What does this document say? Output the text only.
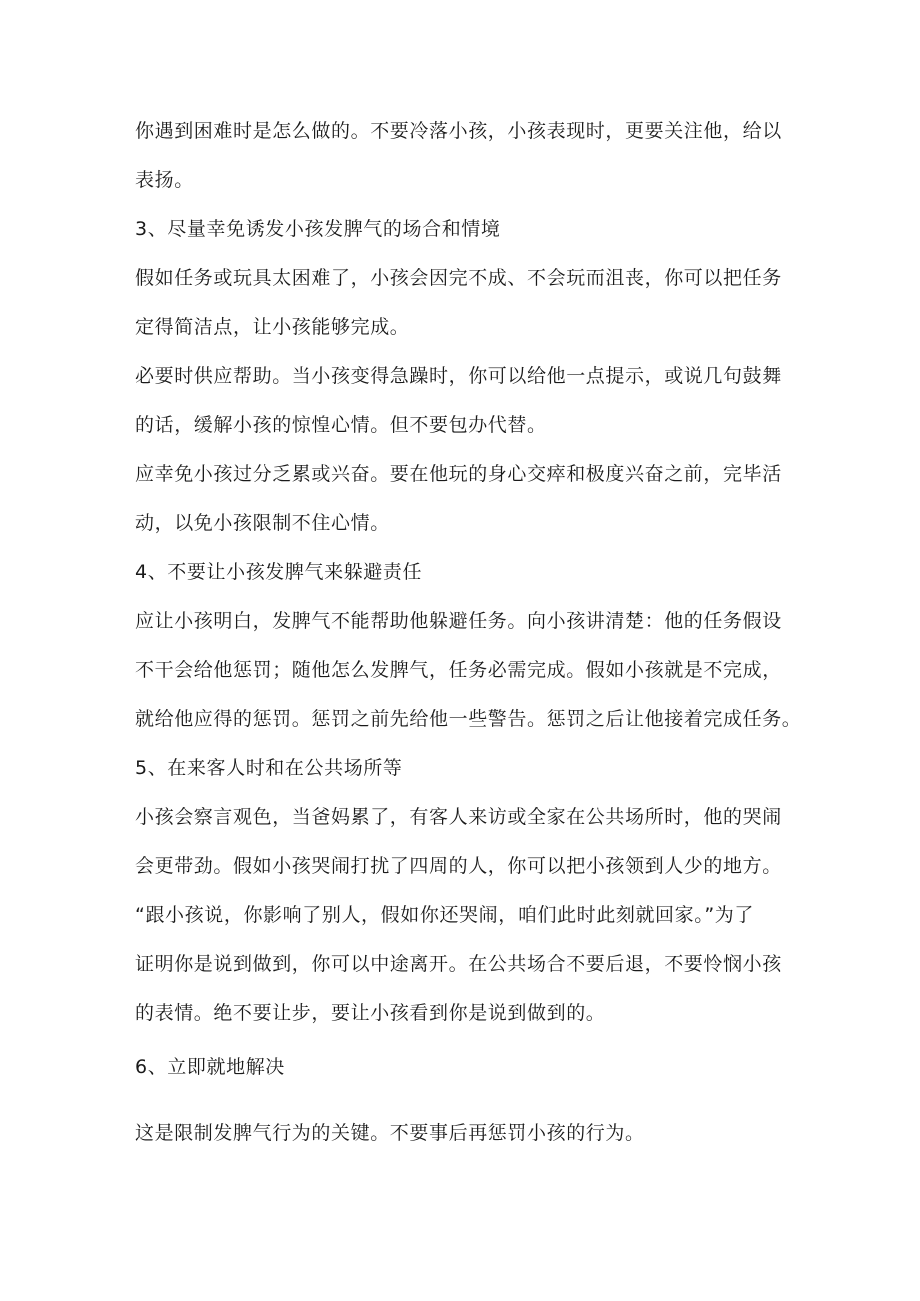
你遇到困难时是怎么做的。不要冷落小孩，小孩表现时，更要关注他，给以
表扬。
3、尽量幸免诱发小孩发脾气的场合和情境
假如任务或玩具太困难了，小孩会因完不成、不会玩而沮丧，你可以把任务
定得简洁点，让小孩能够完成。
必要时供应帮助。当小孩变得急躁时，你可以给他一点提示，或说几句鼓舞
的话，缓解小孩的惊惶心情。但不要包办代替。
应幸免小孩过分乏累或兴奋。要在他玩的身心交瘁和极度兴奋之前，完毕活
动，以免小孩限制不住心情。
4、不要让小孩发脾气来躲避责任
应让小孩明白，发脾气不能帮助他躲避任务。向小孩讲清楚：他的任务假设
不干会给他惩罚；随他怎么发脾气，任务必需完成。假如小孩就是不完成，
就给他应得的惩罚。惩罚之前先给他一些警告。惩罚之后让他接着完成任务。
5、在来客人时和在公共场所等
小孩会察言观色，当爸妈累了，有客人来访或全家在公共场所时，他的哭闹
会更带劲。假如小孩哭闹打扰了四周的人，你可以把小孩领到人少的地方。
“跟小孩说，你影响了别人，假如你还哭闹，咱们此时此刻就回家。”为了
证明你是说到做到，你可以中途离开。在公共场合不要后退，不要怜悯小孩
的表情。绝不要让步，要让小孩看到你是说到做到的。
6、立即就地解决
这是限制发脾气行为的关键。不要事后再惩罚小孩的行为。
